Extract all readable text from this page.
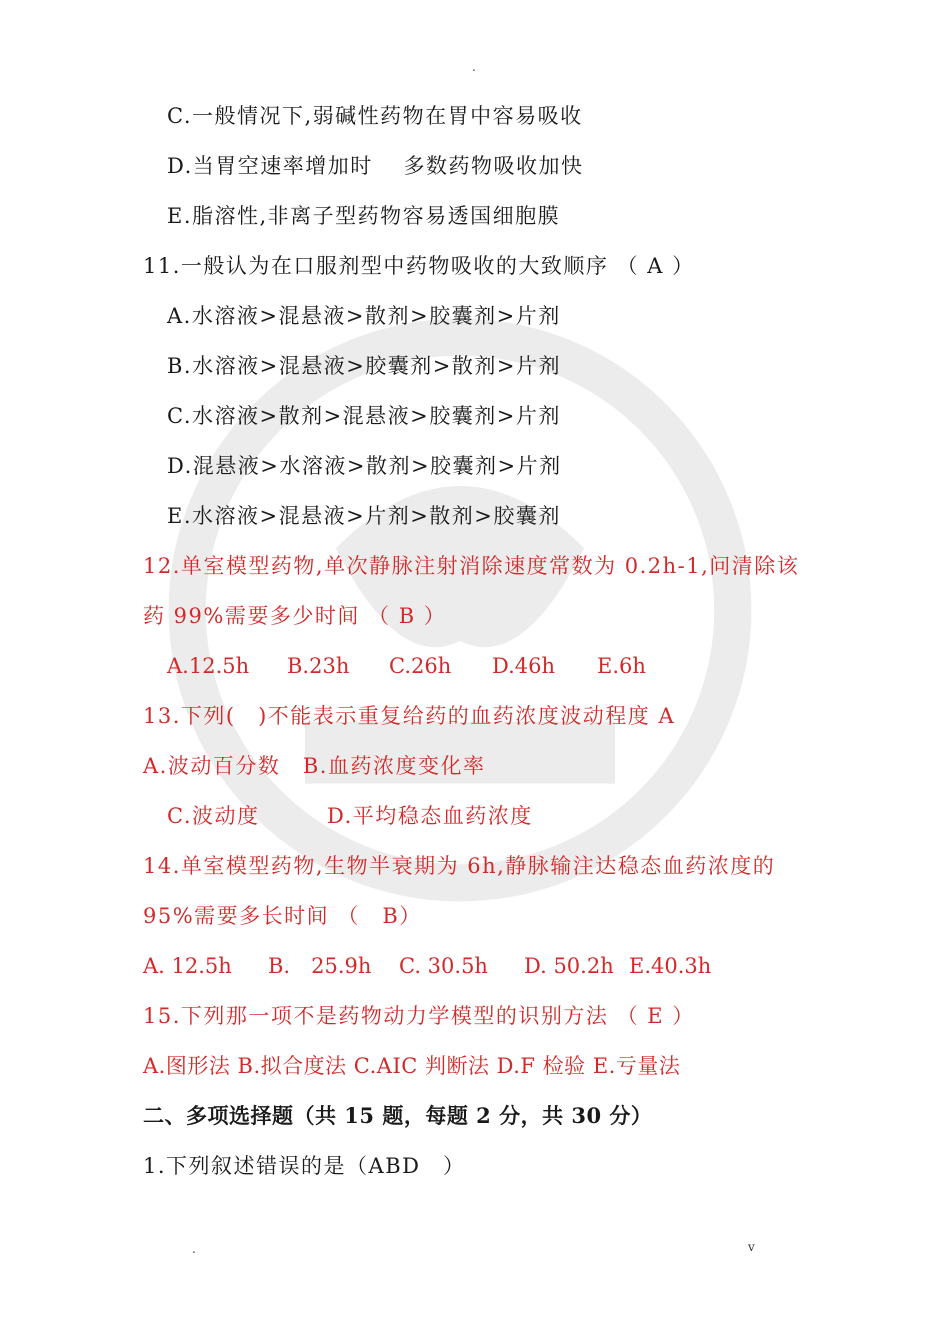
.
C.一般情况下,弱碱性药物在胃中容易吸收
D.当胃空速率增加时　 多数药物吸收加快
E.脂溶性,非离子型药物容易透国细胞膜
11.一般认为在口服剂型中药物吸收的大致顺序 （ A ）
A.水溶液>混悬液>散剂>胶囊剂>片剂
B.水溶液>混悬液>胶囊剂>散剂>片剂
C.水溶液>散剂>混悬液>胶囊剂>片剂
D.混悬液>水溶液>散剂>胶囊剂>片剂
E.水溶液>混悬液>片剂>散剂>胶囊剂
12.单室模型药物,单次静脉注射消除速度常数为 0.2h-1,问清除该
药 99%需要多少时间 （ B ）

A.12.5h

B.23h

C.26h

D.46h

E.6h

13.下列(　)不能表示重复给药的血药浓度波动程度 A
A.波动百分数　B.血药浓度变化率
C.波动度　　　D.平均稳态血药浓度
14.单室模型药物,生物半衰期为 6h,静脉输注达稳态血药浓度的
95%需要多长时间 （　B）

A. 12.5h

B.　25.9h

C. 30.5h

D. 50.2h

E.40.3h

15.下列那一项不是药物动力学模型的识别方法 （ E ）
A.图形法 B.拟合度法 C.AIC 判断法 D.F 检验 E.亏量法
二、多项选择题（共 15 题，每题 2 分，共 30 分）
1.下列叙述错误的是（ABD　）
.	v
